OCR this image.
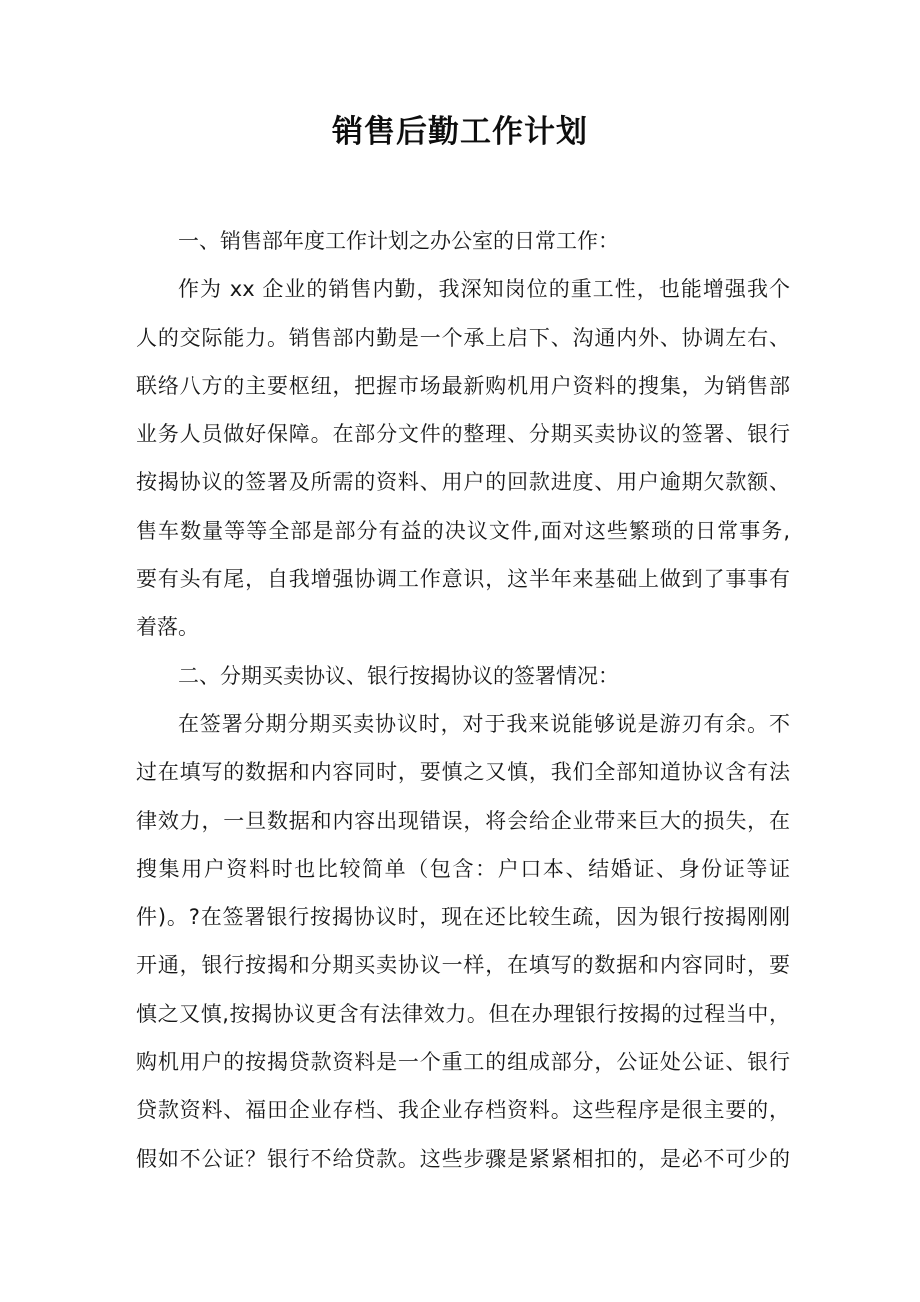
销售后勤工作计划
一、销售部年度工作计划之办公室的日常工作：
作为 xx 企业的销售内勤，我深知岗位的重工性，也能增强我个
人的交际能力。销售部内勤是一个承上启下、沟通内外、协调左右、
联络八方的主要枢纽，把握市场最新购机用户资料的搜集，为销售部
业务人员做好保障。在部分文件的整理、分期买卖协议的签署、银行
按揭协议的签署及所需的资料、用户的回款进度、用户逾期欠款额、
售车数量等等全部是部分有益的决议文件,面对这些繁琐的日常事务,
要有头有尾，自我增强协调工作意识，这半年来基础上做到了事事有
着落。
二、分期买卖协议、银行按揭协议的签署情况：
在签署分期分期买卖协议时，对于我来说能够说是游刃有余。不
过在填写的数据和内容同时，要慎之又慎，我们全部知道协议含有法
律效力，一旦数据和内容出现错误，将会给企业带来巨大的损失，在
搜集用户资料时也比较简单（包含：户口本、结婚证、身份证等证
件)。?在签署银行按揭协议时，现在还比较生疏，因为银行按揭刚刚
开通，银行按揭和分期买卖协议一样，在填写的数据和内容同时，要
慎之又慎,按揭协议更含有法律效力。但在办理银行按揭的过程当中，
购机用户的按揭贷款资料是一个重工的组成部分，公证处公证、银行
贷款资料、福田企业存档、我企业存档资料。这些程序是很主要的，
假如不公证？银行不给贷款。这些步骤是紧紧相扣的，是必不可少的
